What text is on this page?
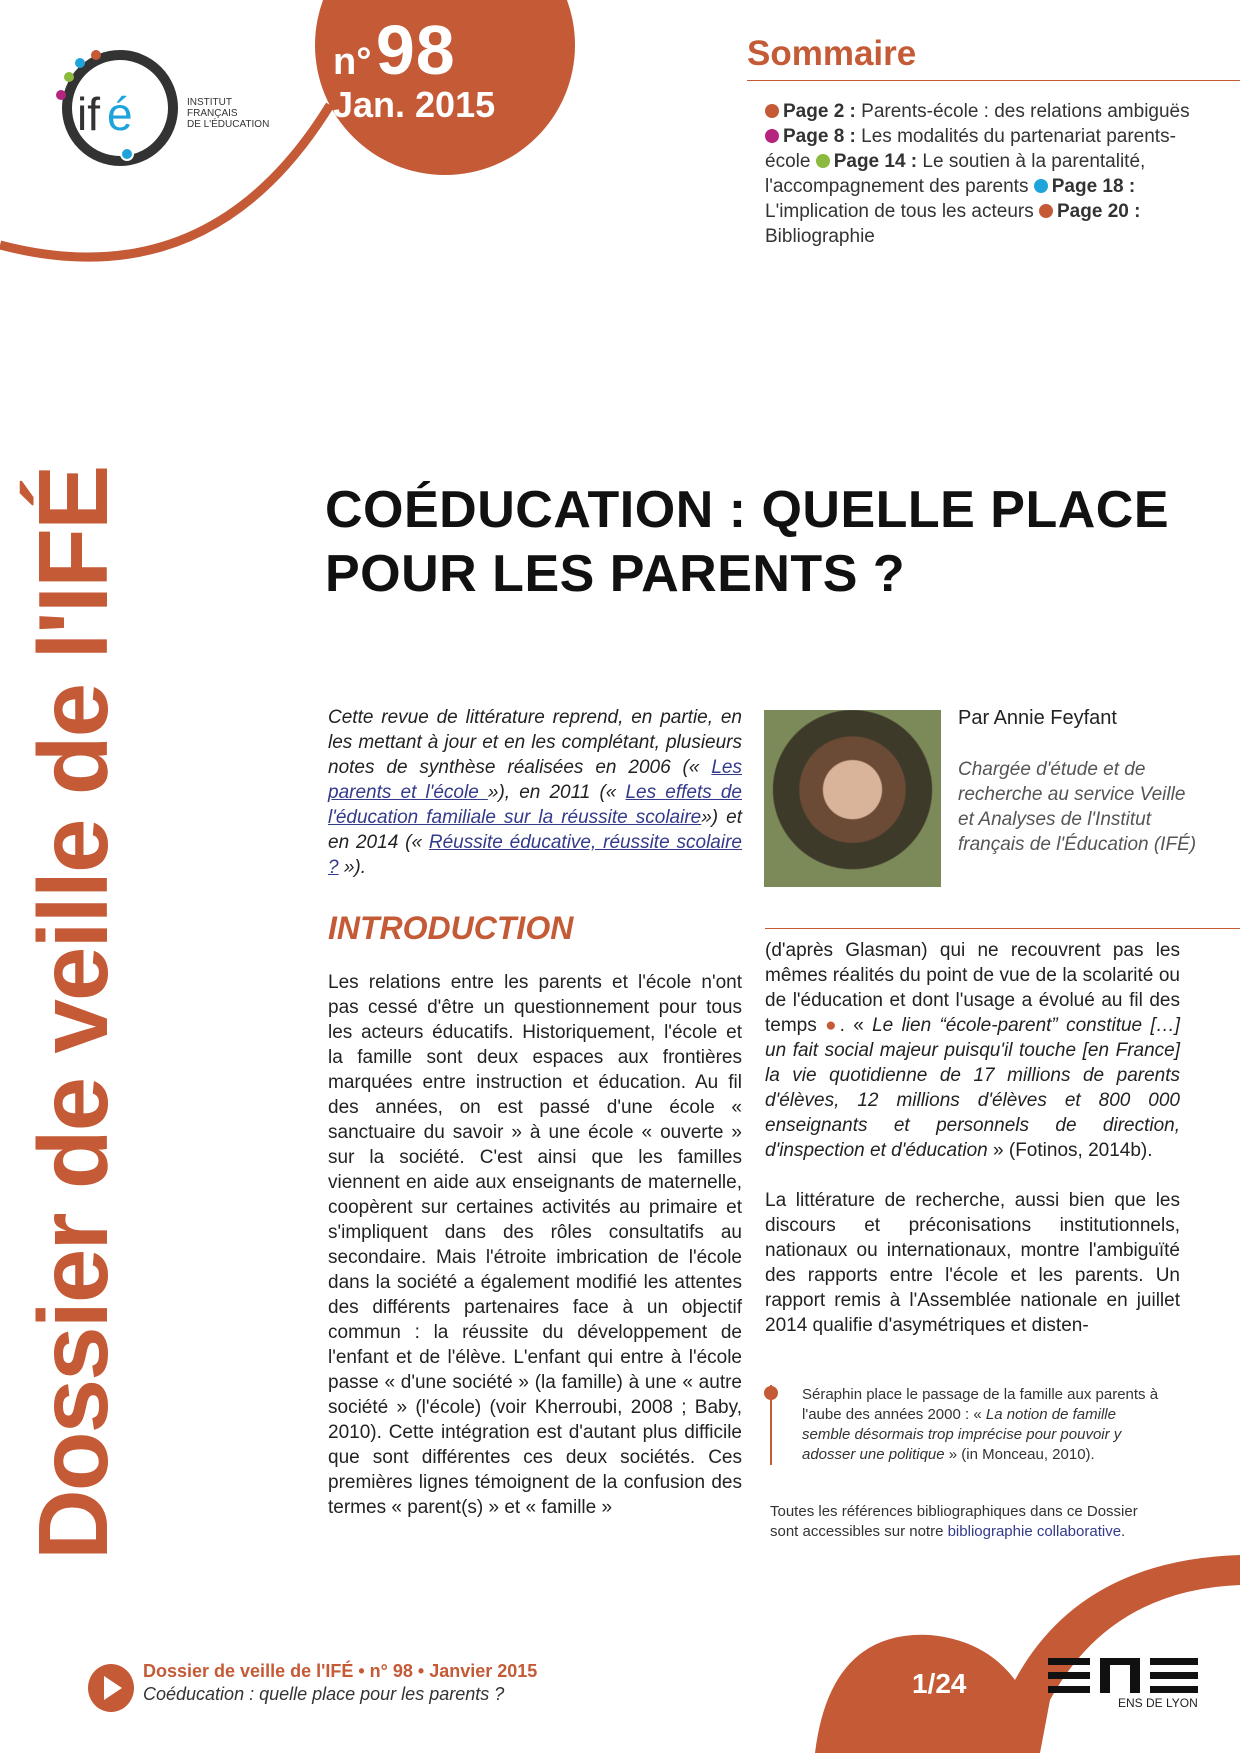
if é	INSTITUT
FRANÇAIS
DE L'ÉDUCATION
n° 98
Jan. 2015
Sommaire
Page 2 : Parents-école : des relations ambiguës Page 8 : Les modalités du partenariat parents-école Page 14 : Le soutien à la parentalité, l'accompagnement des parents Page 18 : L'implication de tous les acteurs Page 20 : Bibliographie
Dossier de veille de l'IFÉ	COÉDUCATION : QUELLE PLACE
POUR LES PARENTS ?
Cette revue de littérature reprend, en partie, en les mettant à jour et en les complétant, plusieurs notes de synthèse réalisées en 2006 (« Les parents et l'école »), en 2011 (« Les effets de l'éducation familiale sur la réussite scolaire») et en 2014 (« Réussite éducative, réussite scolaire ? »).
Par Annie Feyfant
Chargée d'étude et de recherche au service Veille et Analyses de l'Institut français de l'Éducation (IFÉ)
INTRODUCTION
Les relations entre les parents et l'école n'ont pas cessé d'être un questionnement pour tous les acteurs éducatifs. Historiquement, l'école et la famille sont deux espaces aux frontières marquées entre instruction et éducation. Au fil des années, on est passé d'une école « sanctuaire du savoir » à une école « ouverte » sur la société. C'est ainsi que les familles viennent en aide aux enseignants de maternelle, coopèrent sur certaines activités au primaire et s'impliquent dans des rôles consultatifs au secondaire. Mais l'étroite imbrication de l'école dans la société a également modifié les attentes des différents partenaires face à un objectif commun : la réussite du développement de l'enfant et de l'élève. L'enfant qui entre à l'école passe « d'une société » (la famille) à une « autre société » (l'école) (voir Kherroubi, 2008 ; Baby, 2010). Cette intégration est d'autant plus difficile que sont différentes ces deux sociétés. Ces premières lignes témoignent de la confusion des termes « parent(s) » et « famille »

(d'après Glasman) qui ne recouvrent pas les mêmes réalités du point de vue de la scolarité ou de l'éducation et dont l'usage a évolué au fil des temps ●. « Le lien “école-parent” constitue […] un fait social majeur puisqu'il touche [en France] la vie quotidienne de 17 millions de parents d'élèves, 12 millions d'élèves et 800 000 enseignants et personnels de direction, d'inspection et d'éducation » (Fotinos, 2014b).

La littérature de recherche, aussi bien que les discours et préconisations institutionnels, nationaux ou internationaux, montre l'ambiguïté des rapports entre l'école et les parents. Un rapport remis à l'Assemblée nationale en juillet 2014 qualifie d'asymétriques et disten-

Séraphin place le passage de la famille aux parents à l'aube des années 2000 : « La notion de famille semble désormais trop imprécise pour pouvoir y adosser une politique » (in Monceau, 2010).
Toutes les références bibliographiques dans ce Dossier sont accessibles sur notre bibliographie collaborative.
Dossier de veille de l'IFÉ • n° 98 • Janvier 2015
Coéducation : quelle place pour les parents ?	1/24
ENS DE LYON
